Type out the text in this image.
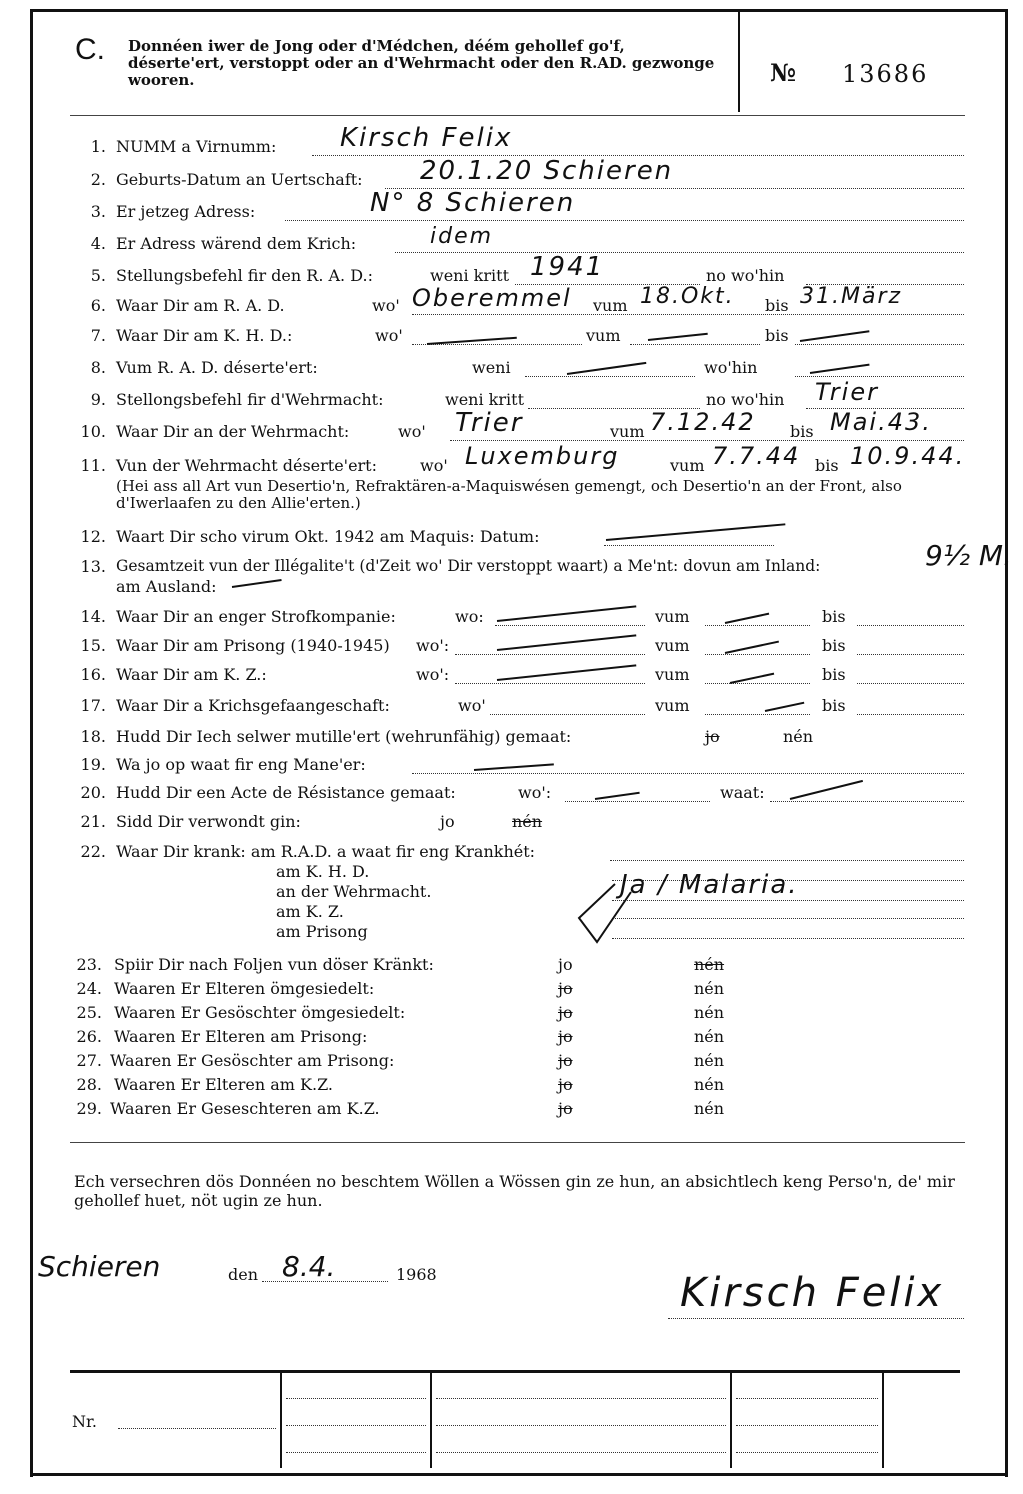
C. Donnéen iwer de Jong oder d'Médchen, déém gehollef go'f, déserte'ert, verstoppt oder an d'Wehrmacht oder den R.AD. gezwonge wooren.	№ 13686
1. NUMM a Virnumm: Kirsch Felix
2. Geburts-Datum an Uertschaft: 20.1.20 Schieren
3. Er jetzeg Adress:	N° 8 Schieren
4. Er Adress wärend dem Krich:	idem
5. Stellungsbefehl fir den R. A. D.:	weni kritt 1941	no wo'hin
6. Waar Dir am R. A. D.	wo' Oberemmel vum 18.Okt. bis 31.März
7. Waar Dir am K. H. D.:	wo'	vum	bis
8. Vum R. A. D. déserte'ert:	weni	wo'hin
9. Stellongsbefehl fir d'Wehrmacht:	weni kritt	no wo'hin Trier
10. Waar Dir an der Wehrmacht:	wo' Trier	vum 7.12.42 bis Mai.43.
11. Vun der Wehrmacht déserte'ert:	wo' Luxemburg	vum 7.7.44 bis 10.9.44.
(Hei ass all Art vun Desertio'n, Refraktären-a-Maquiswésen gemengt, och Desertio'n an der Front, also d'Iwerlaafen zu den Allie'erten.)
12. Waart Dir scho virum Okt. 1942 am Maquis: Datum:
13. Gesamtzeit vun der Illégalite't (d'Zeit wo' Dir verstoppt waart) a Me'nt: dovun am Inland:	9½ M.
am Ausland:
14. Waar Dir an enger Strofkompanie:	wo:	vum	bis
15. Waar Dir am Prisong (1940-1945) wo':	vum	bis
16. Waar Dir am K. Z.:	wo':	vum	bis
17. Waar Dir a Krichsgefaangeschaft:	wo'	vum	bis
18. Hudd Dir Iech selwer mutille'ert (wehrunfähig) gemaat:	jo	nén
19. Wa jo op waat fir eng Mane'er:
20. Hudd Dir een Acte de Résistance gemaat:	wo':	waat:
21. Sidd Dir verwondt gin:	jo	nén
22. Waar Dir krank: am R.A.D. a waat fir eng Krankhét:
am K. H. D.
an der Wehrmacht.
am K. Z.
am Prisong
Ja / Malaria.
23. Spiir Dir nach Foljen vun döser Kränkt:	jo	nén
24. Waaren Er Elteren ömgesiedelt:	jo	nén
25. Waaren Er Gesöschter ömgesiedelt:	jo	nén
26. Waaren Er Elteren am Prisong:	jo	nén
27. Waaren Er Gesöschter am Prisong:	jo	nén
28. Waaren Er Elteren am K.Z.	jo	nén
29. Waaren Er Geseschteren am K.Z.	jo	nén
Ech versechren dös Donnéen no beschtem Wöllen a Wössen gin ze hun, an absichtlech keng Perso'n, de' mir gehollef huet, nöt ugin ze hun.
Schieren	den 8.4.	1968	Kirsch Felix
Nr.
